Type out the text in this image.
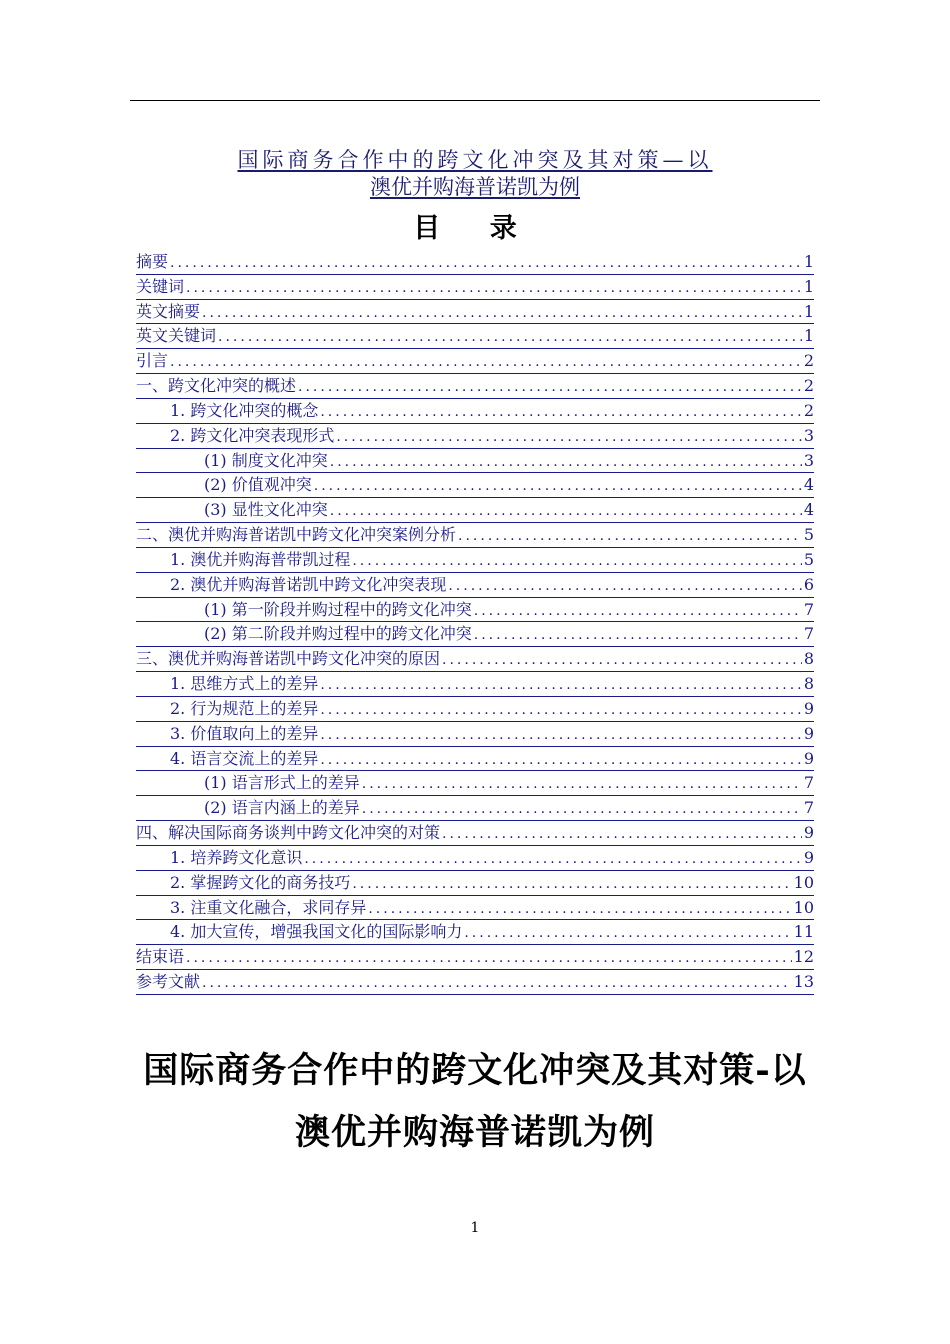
国际商务合作中的跨文化冲突及其对策—以
澳优并购海普诺凯为例
目 录
摘要 .....	1
关键词 .....	1
英文摘要 .....	1
英文关键词 .....	1
引言 .....	2
一、跨文化冲突的概述 .....	2
1. 跨文化冲突的概念 .....	2
2. 跨文化冲突表现形式 .....	3
(1) 制度文化冲突 .....	3
(2) 价值观冲突 .....	4
(3) 显性文化冲突 .....	4
二、澳优并购海普诺凯中跨文化冲突案例分析 .....	5
1. 澳优并购海普带凯过程 .....	5
2. 澳优并购海普诺凯中跨文化冲突表现 .....	6
(1) 第一阶段并购过程中的跨文化冲突 .....	7
(2) 第二阶段并购过程中的跨文化冲突 .....	7
三、澳优并购海普诺凯中跨文化冲突的原因 .....	8
1. 思维方式上的差异 .....	8
2. 行为规范上的差异 .....	9
3. 价值取向上的差异 .....	9
4. 语言交流上的差异 .....	9
(1) 语言形式上的差异 .....	7
(2) 语言内涵上的差异 .....	7
四、解决国际商务谈判中跨文化冲突的对策 .....	9
1. 培养跨文化意识 .....	9
2. 掌握跨文化的商务技巧 .....	10
3. 注重文化融合，求同存异 .....	10
4. 加大宣传，增强我国文化的国际影响力 .....	11
结束语 .....	12
参考文献 .....	13
国际商务合作中的跨文化冲突及其对策-以
澳优并购海普诺凯为例
1
